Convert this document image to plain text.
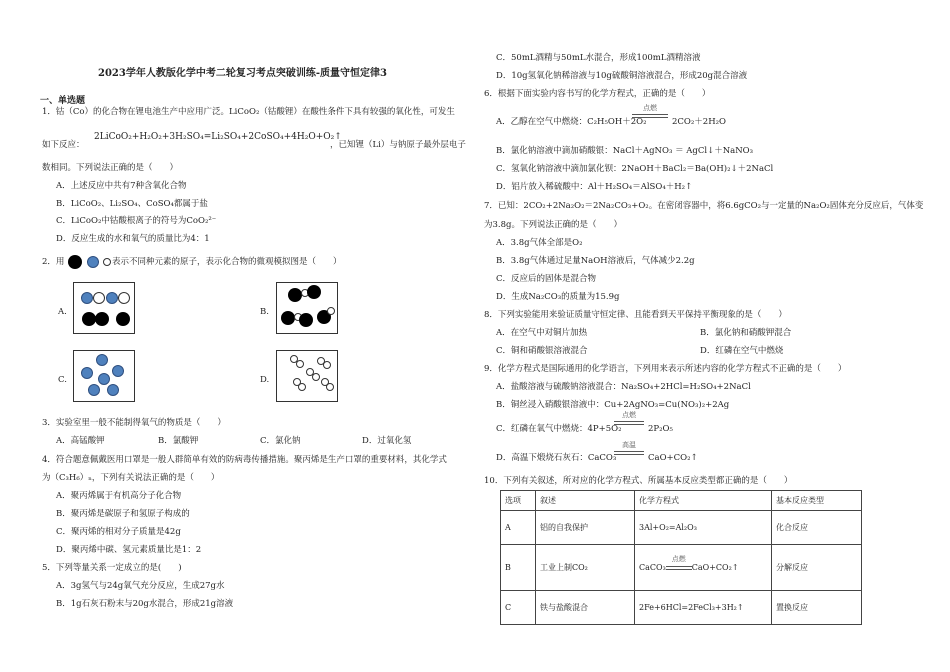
2023学年人教版化学中考二轮复习考点突破训练-质量守恒定律3
一、单选题
1．钴（Co）的化合物在锂电池生产中应用广泛。LiCoO₂（钴酸锂）在酸性条件下具有较强的氧化性，可发生
如下反应：
2LiCoO₂+H₂O₂+3H₂SO₄=Li₂SO₄+2CoSO₄+4H₂O+O₂↑
，已知锂（Li）与钠原子最外层电子
数相同。下列说法正确的是（　　）
A．上述反应中共有7种含氧化合物
B．LiCoO₂、Li₂SO₄、CoSO₄都属于盐
C．LiCoO₂中钴酸根离子的符号为CoO₂²⁻
D．反应生成的水和氧气的质量比为4：1
2．用	表示不同种元素的原子，表示化合物的微观模拟图是（　　）
A.	B.
C.	D.
3．实验室里一般不能制得氧气的物质是（　　）
A．高锰酸钾	B．氯酸钾	C．氯化钠	D．过氧化氢
4．符合题意佩戴医用口罩是一般人群简单有效的防病毒传播措施。聚丙烯是生产口罩的重要材料，其化学式
为（C₃H₆）ₙ，下列有关说法正确的是（　　）
A．聚丙烯属于有机高分子化合物
B．聚丙烯是碳原子和氢原子构成的
C．聚丙烯的相对分子质量是42g
D．聚丙烯中碳、氢元素质量比是1：2
5．下列等量关系一定成立的是(　　)
A．3g氢气与24g氧气充分反应，生成27g水
B．1g石灰石粉末与20g水混合，形成21g溶液
C．50mL酒精与50mL水混合，形成100mL酒精溶液
D．10g氢氧化钠稀溶液与10g硫酸铜溶液混合，形成20g混合溶液
6．根据下面实验内容书写的化学方程式，正确的是（　　）
A．乙醇在空气中燃烧：C₂H₅OH＋2O₂
点燃
2CO₂＋2H₂O
B．氯化钠溶液中滴加硝酸银：NaCl＋AgNO₃ ＝ AgCl↓＋NaNO₃
C．氢氧化钠溶液中滴加氯化钡：2NaOH＋BaCl₂＝Ba(OH)₂↓＋2NaCl
D．铝片放入稀硫酸中：Al＋H₂SO₄＝AlSO₄＋H₂↑
7．已知：2CO₂+2Na₂O₂＝2Na₂CO₃+O₂。在密闭容器中，将6.6gCO₂与一定量的Na₂O₂固体充分反应后，气体变
为3.8g。下列说法正确的是（　　）
A．3.8g气体全部是O₂
B．3.8g气体通过足量NaOH溶液后，气体减少2.2g
C．反应后的固体是混合物
D．生成Na₂CO₃的质量为15.9g
8．下列实验能用来验证质量守恒定律、且能看到天平保持平衡现象的是（　　）
A．在空气中对铜片加热	B．氯化钠和硝酸钾混合
C．铜和硝酸银溶液混合	D．红磷在空气中燃烧
9．化学方程式是国际通用的化学语言，下列用来表示所述内容的化学方程式不正确的是（　　）
A．盐酸溶液与硫酸钠溶液混合：Na₂SO₄+2HCl=H₂SO₄+2NaCl
B．铜丝浸入硝酸银溶液中：Cu+2AgNO₃=Cu(NO₃)₂+2Ag
C．红磷在氧气中燃烧：4P+5O₂
点燃
2P₂O₅
D．高温下煅烧石灰石：CaCO₃
高温
CaO+CO₂↑
10．下列有关叙述，所对应的化学方程式、所属基本反应类型都正确的是（　　）
选项	叙述	化学方程式	基本反应类型
A	铝的自我保护	3Al+O₂=Al₂O₃	化合反应
B	工业上制CO₂	CaCO₃
点燃
CaO+CO₂↑	分解反应
C	铁与盐酸混合	2Fe+6HCl=2FeCl₃+3H₂↑	置换反应
